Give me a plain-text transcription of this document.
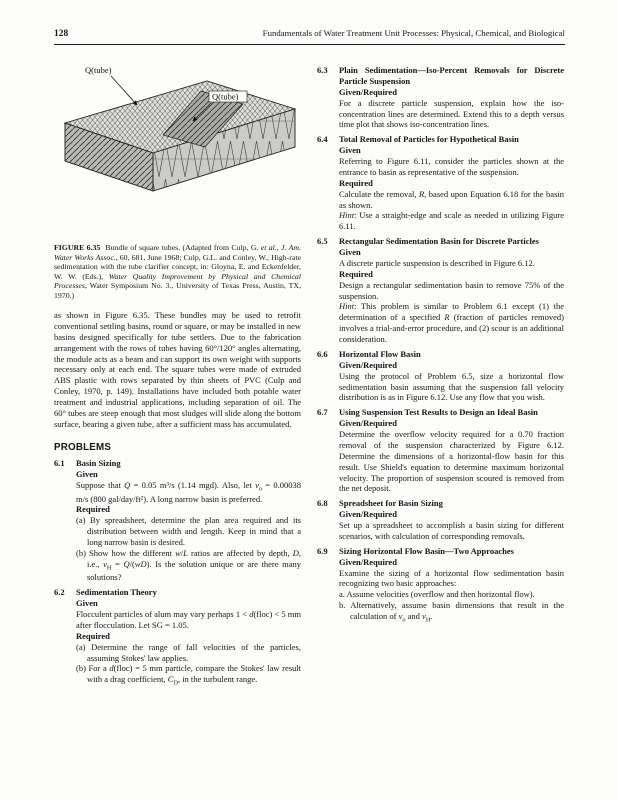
128	Fundamentals of Water Treatment Unit Processes: Physical, Chemical, and Biological
Q(tube)
Q(tube)
FIGURE 6.35 Bundle of square tubes. (Adapted from Culp, G. et al., J. Am. Water Works Assoc., 60, 681, June 1968; Culp, G.L. and Conley, W., High-rate sedimentation with the tube clarifier concept, in: Gloyna, E. and Eckenfelder, W. W. (Eds.), Water Quality Improvement by Physical and Chemical Processes, Water Symposium No. 3., University of Texas Press, Austin, TX, 1970.)

as shown in Figure 6.35. These bundles may be used to retrofit conventional settling basins, round or square, or may be installed in new basins designed specifically for tube settlers. Due to the fabrication arrangement with the rows of tubes having 60°/120° angles alternating, the module acts as a beam and can support its own weight with supports necessary only at each end. The square tubes were made of extruded ABS plastic with rows separated by thin sheets of PVC (Culp and Conley, 1970, p. 149). Installations have included both potable water treatment and industrial applications, including separation of oil. The 60° tubes are steep enough that most sludges will slide along the bottom surface, bearing a given tube, after a sufficient mass has accumulated.

PROBLEMS
6.1	Basin Sizing
Given

Suppose that Q = 0.05 m³/s (1.14 mgd). Also, let $v_o = 0.00038$ m/s (800 gal/day/ft²). A long narrow basin is preferred.

Required

(a) By spreadsheet, determine the plan area required and its distribution between width and length. Keep in mind that a long narrow basin is desired.

(b) Show how the different w/L ratios are affected by depth, D, i.e., $v_H = Q/(wD)$. Is the solution unique or are there many solutions?

6.2	Sedimentation Theory
Given

Flocculent particles of alum may vary perhaps 1 < d(floc) < 5 mm after flocculation. Let SG = 1.05.

Required

(a) Determine the range of fall velocities of the particles, assuming Stokes' law applies.

(b) For a d(floc) = 5 mm particle, compare the Stokes' law result with a drag coefficient, $C_D$, in the turbulent range.

6.3	Plain Sedimentation—Iso-Percent Removals for Discrete Particle Suspension
Given/Required

For a discrete particle suspension, explain how the iso-concentration lines are determined. Extend this to a depth versus time plot that shows iso-concentration lines.

6.4	Total Removal of Particles for Hypothetical Basin
Given

Referring to Figure 6.11, consider the particles shown at the entrance to basin as representative of the suspension.

Required

Calculate the removal, R, based upon Equation 6.18 for the basin as shown.

Hint: Use a straight-edge and scale as needed in utilizing Figure 6.11.

6.5	Rectangular Sedimentation Basin for Discrete Particles
Given

A discrete particle suspension is described in Figure 6.12.

Required

Design a rectangular sedimentation basin to remove 75% of the suspension.

Hint: This problem is similar to Problem 6.1 except (1) the determination of a specified R (fraction of particles removed) involves a trial-and-error procedure, and (2) scour is an additional consideration.

6.6	Horizontal Flow Basin
Given/Required

Using the protocol of Problem 6.5, size a horizontal flow sedimentation basin assuming that the suspension fall velocity distribution is as in Figure 6.12. Use any flow that you wish.

6.7	Using Suspension Test Results to Design an Ideal Basin
Given/Required

Determine the overflow velocity required for a 0.70 fraction removal of the suspension characterized by Figure 6.12. Determine the dimensions of a horizontal-flow basin for this result. Use Shield's equation to determine maximum horizontal velocity. The proportion of suspension scoured is removed from the net deposit.

6.8	Spreadsheet for Basin Sizing
Given/Required

Set up a spreadsheet to accomplish a basin sizing for different scenarios, with calculation of corresponding removals.

6.9	Sizing Horizontal Flow Basin—Two Approaches
Given/Required

Examine the sizing of a horizontal flow sedimentation basin recognizing two basic approaches:

a. Assume velocities (overflow and then horizontal flow).

b. Alternatively, assume basin dimensions that result in the calculation of $v_o$ and $v_H$.
